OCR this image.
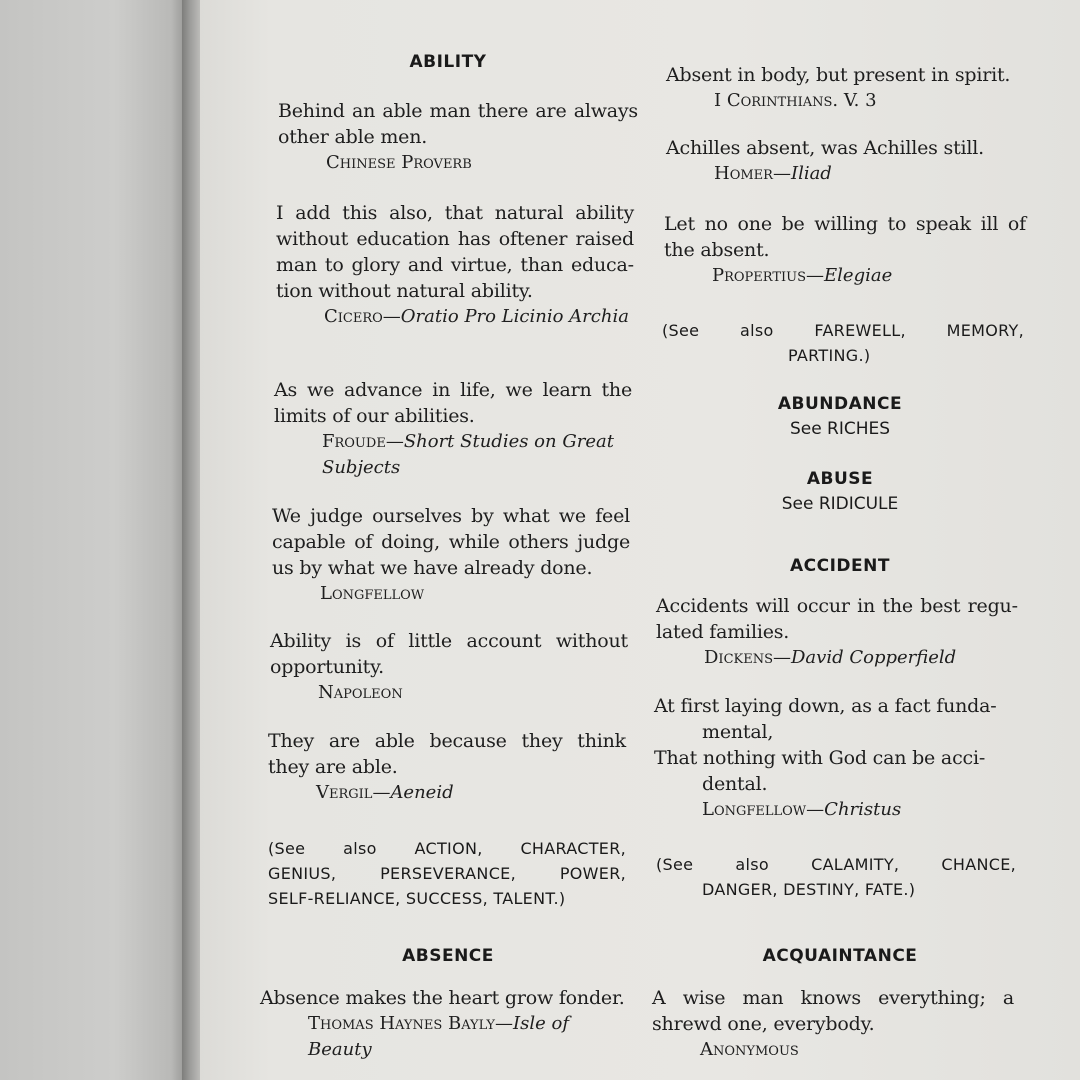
ABILITY

Behind an able man there are always other able men.

Chinese Proverb

I add this also, that natural ability without education has oftener raised man to glory and virtue, than education without natural ability.

Cicero—Oratio Pro Licinio Archia

As we advance in life, we learn the limits of our abilities.

Froude—Short Studies on Great Subjects

We judge ourselves by what we feel capable of doing, while others judge us by what we have already done.

Longfellow

Ability is of little account without opportunity.

Napoleon

They are able because they think they are able.

Vergil—Aeneid

(See also ACTION, CHARACTER,
GENIUS, PERSEVERANCE, POWER,
SELF-RELIANCE, SUCCESS, TALENT.)
ABSENCE

Absence makes the heart grow fonder.

Thomas Haynes Bayly—Isle of Beauty

Absent in body, but present in spirit.

I Corinthians. V. 3

Achilles absent, was Achilles still.

Homer—Iliad

Let no one be willing to speak ill of the absent.

Propertius—Elegiae

(See also FAREWELL, MEMORY,
PARTING.)
ABUNDANCE
See RICHES
ABUSE
See RIDICULE
ACCIDENT

Accidents will occur in the best regulated families.

Dickens—David Copperfield

At first laying down, as a fact funda-
mental,
That nothing with God can be acci-
dental.

Longfellow—Christus

(See also CALAMITY, CHANCE,
DANGER, DESTINY, FATE.)
ACQUAINTANCE

A wise man knows everything; a shrewd one, everybody.

Anonymous
